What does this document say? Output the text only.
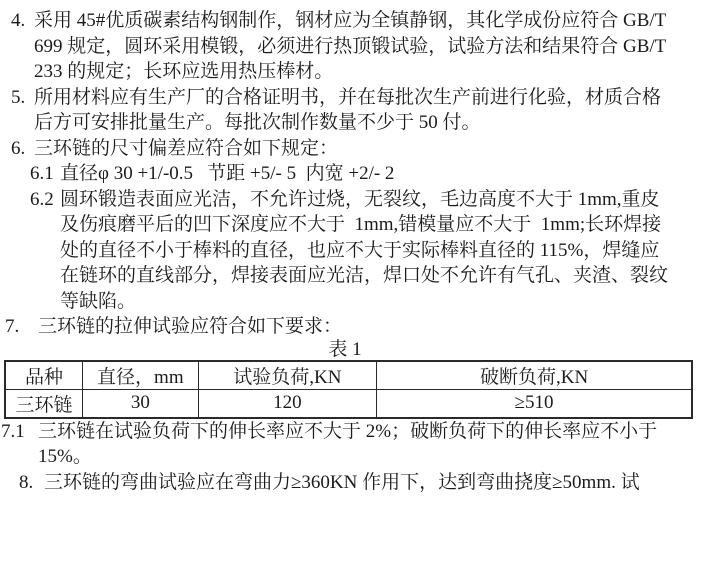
4.

采用 45#优质碳素结构钢制作，钢材应为全镇静钢，其化学成份应符合 GB/T

699 规定，圆环采用模锻，必须进行热顶锻试验，试验方法和结果符合 GB/T

233 的规定；长环应选用热压棒材。

5.

所用材料应有生产厂的合格证明书，并在每批次生产前进行化验，材质合格

后方可安排批量生产。每批次制作数量不少于 50 付。

6.

三环链的尺寸偏差应符合如下规定：

6.1

直径φ 30 +1/-0.5   节距 +5/- 5  内宽 +2/- 2

6.2

圆环锻造表面应光洁，不允许过烧，无裂纹，毛边高度不大于 1mm,重皮

及伤痕磨平后的凹下深度应不大于  1mm,错模量应不大于  1mm;长环焊接

处的直径不小于棒料的直径，也应不大于实际棒料直径的 115%，焊缝应

在链环的直线部分，焊接表面应光洁，焊口处不允许有气孔、夹渣、裂纹

等缺陷。

7.

三环链的拉伸试验应符合如下要求：

表 1
品种	直径，mm	试验负荷,KN	破断负荷,KN
三环链	30	120	≥510

7.1

三环链在试验负荷下的伸长率应不大于 2%；破断负荷下的伸长率应不小于

15%。

8.

三环链的弯曲试验应在弯曲力≥360KN 作用下，达到弯曲挠度≥50mm. 试
